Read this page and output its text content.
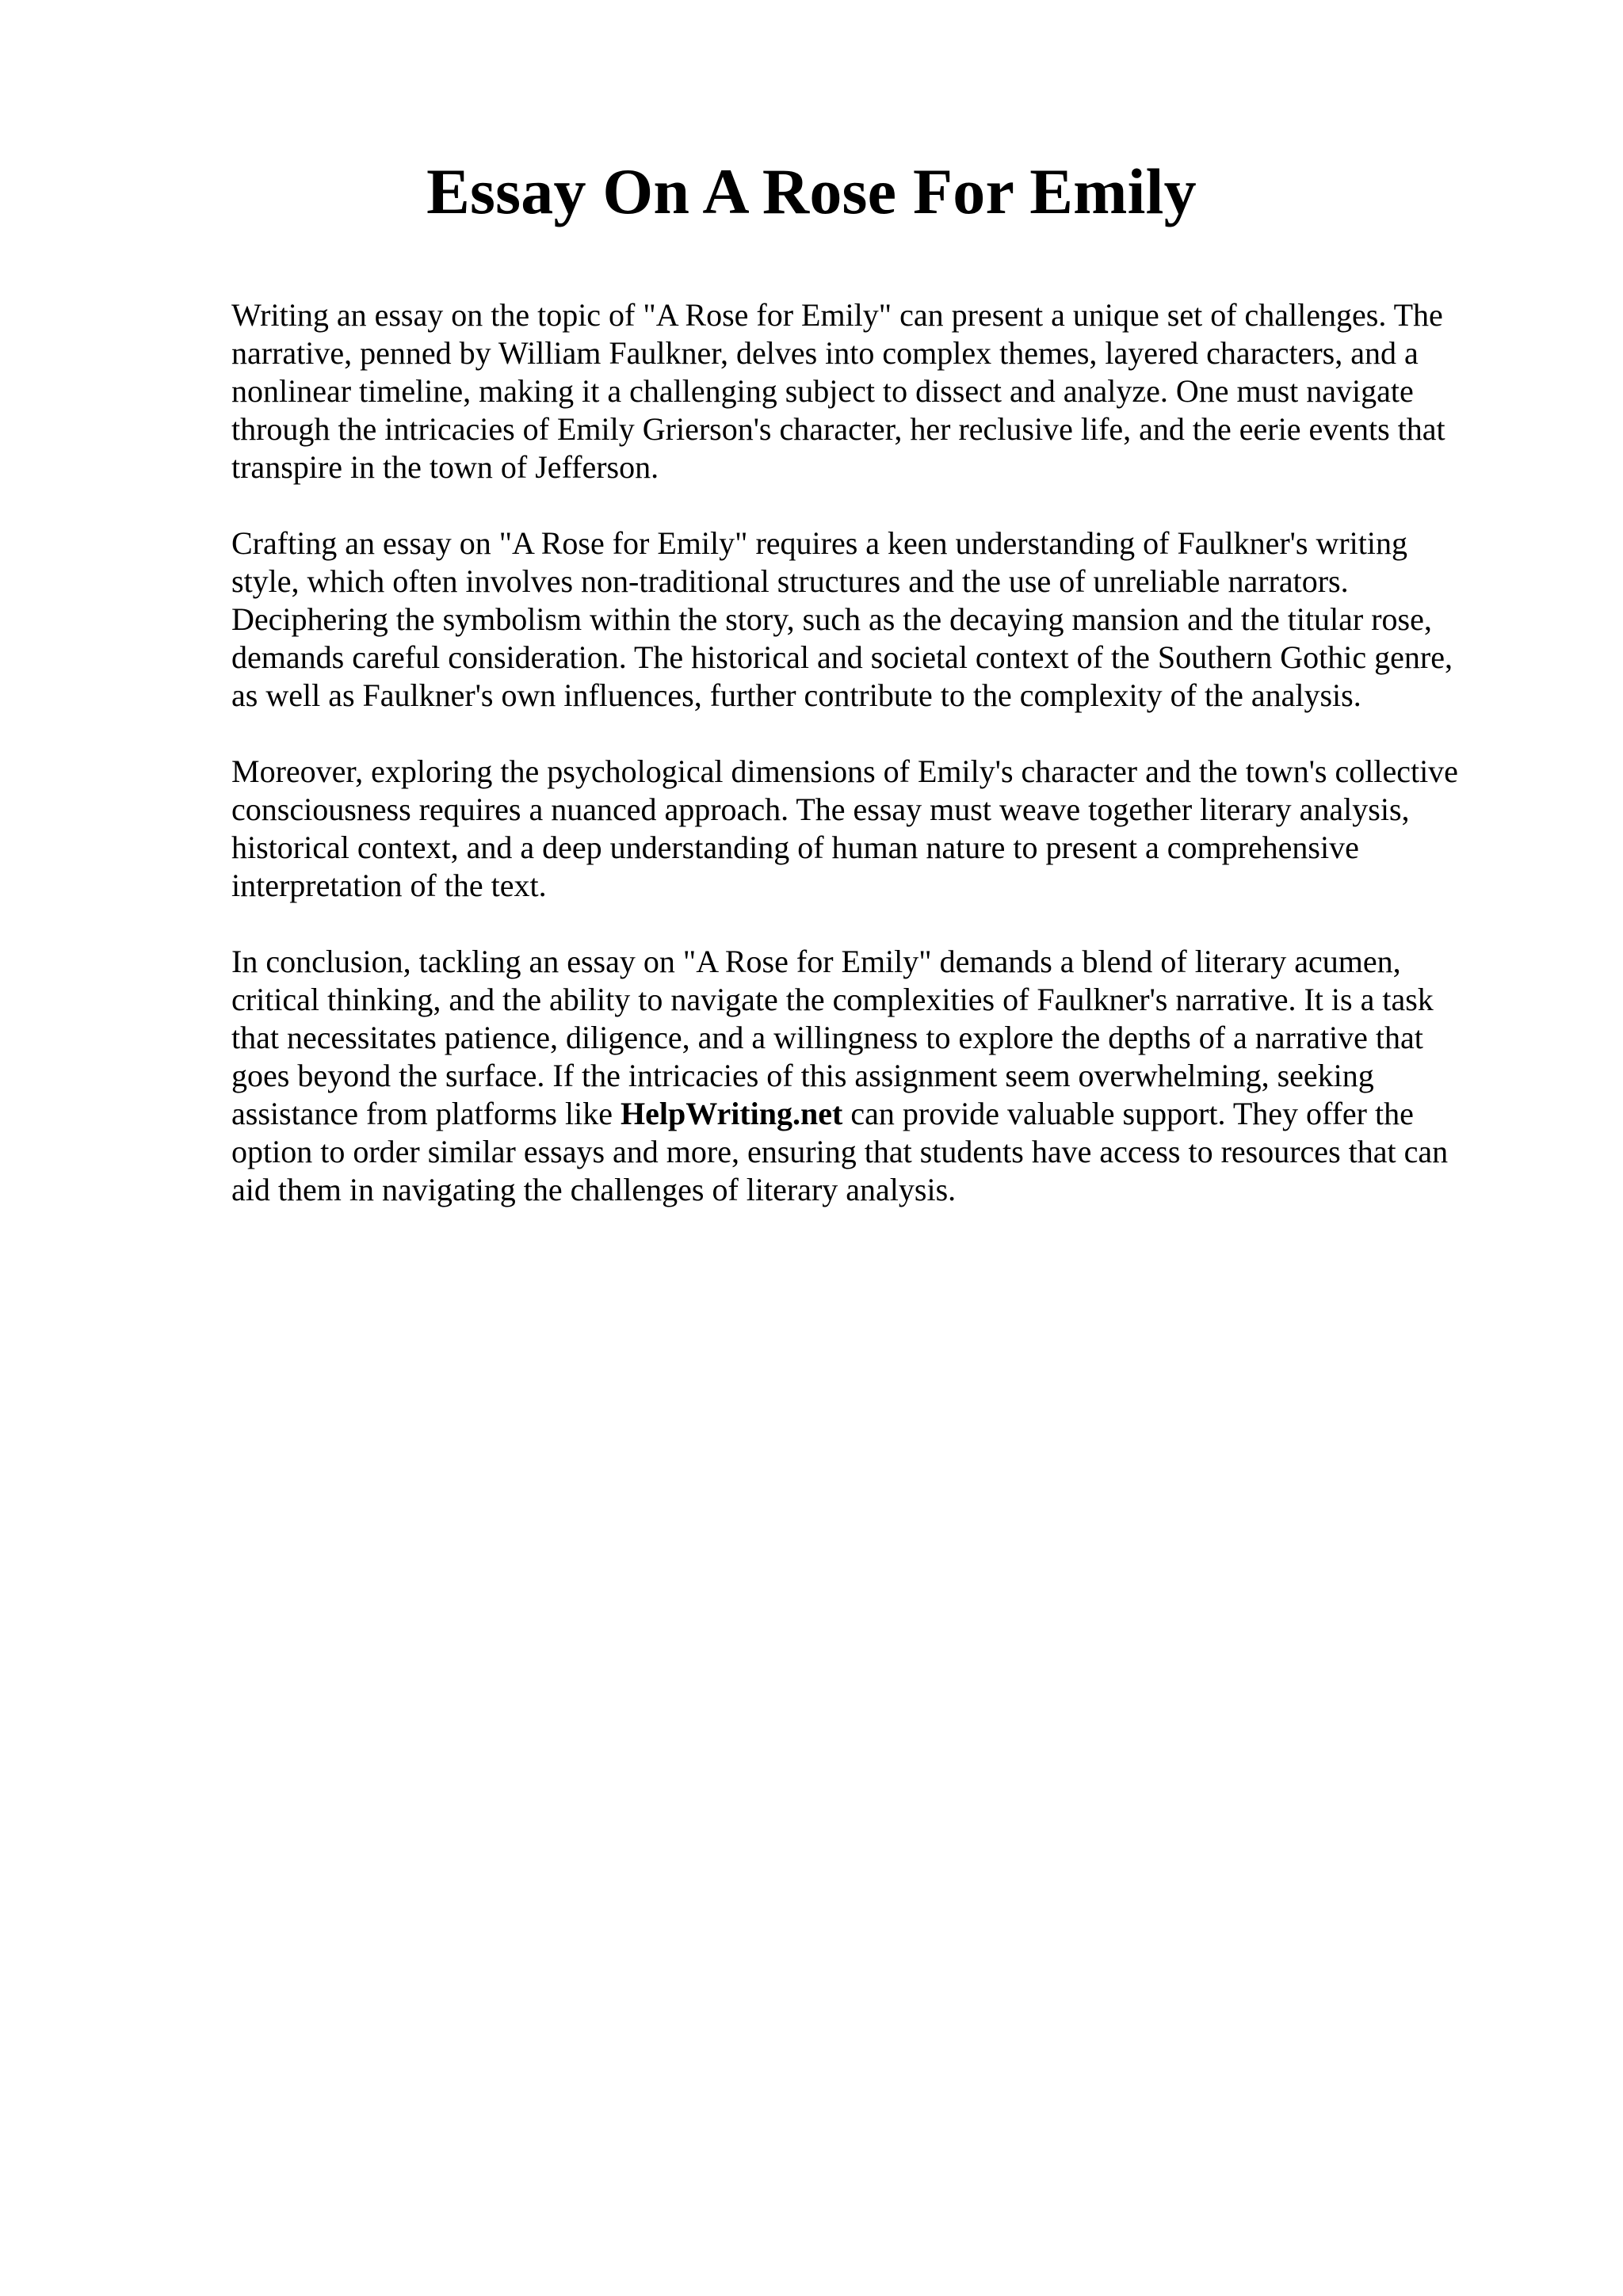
Essay On A Rose For Emily

Writing an essay on the topic of "A Rose for Emily" can present a unique set of challenges. The
narrative, penned by William Faulkner, delves into complex themes, layered characters, and a
nonlinear timeline, making it a challenging subject to dissect and analyze. One must navigate
through the intricacies of Emily Grierson's character, her reclusive life, and the eerie events that
transpire in the town of Jefferson.

Crafting an essay on "A Rose for Emily" requires a keen understanding of Faulkner's writing
style, which often involves non-traditional structures and the use of unreliable narrators.
Deciphering the symbolism within the story, such as the decaying mansion and the titular rose,
demands careful consideration. The historical and societal context of the Southern Gothic genre,
as well as Faulkner's own influences, further contribute to the complexity of the analysis.

Moreover, exploring the psychological dimensions of Emily's character and the town's collective
consciousness requires a nuanced approach. The essay must weave together literary analysis,
historical context, and a deep understanding of human nature to present a comprehensive
interpretation of the text.

In conclusion, tackling an essay on "A Rose for Emily" demands a blend of literary acumen,
critical thinking, and the ability to navigate the complexities of Faulkner's narrative. It is a task
that necessitates patience, diligence, and a willingness to explore the depths of a narrative that
goes beyond the surface. If the intricacies of this assignment seem overwhelming, seeking
assistance from platforms like HelpWriting.net can provide valuable support. They offer the
option to order similar essays and more, ensuring that students have access to resources that can
aid them in navigating the challenges of literary analysis.
